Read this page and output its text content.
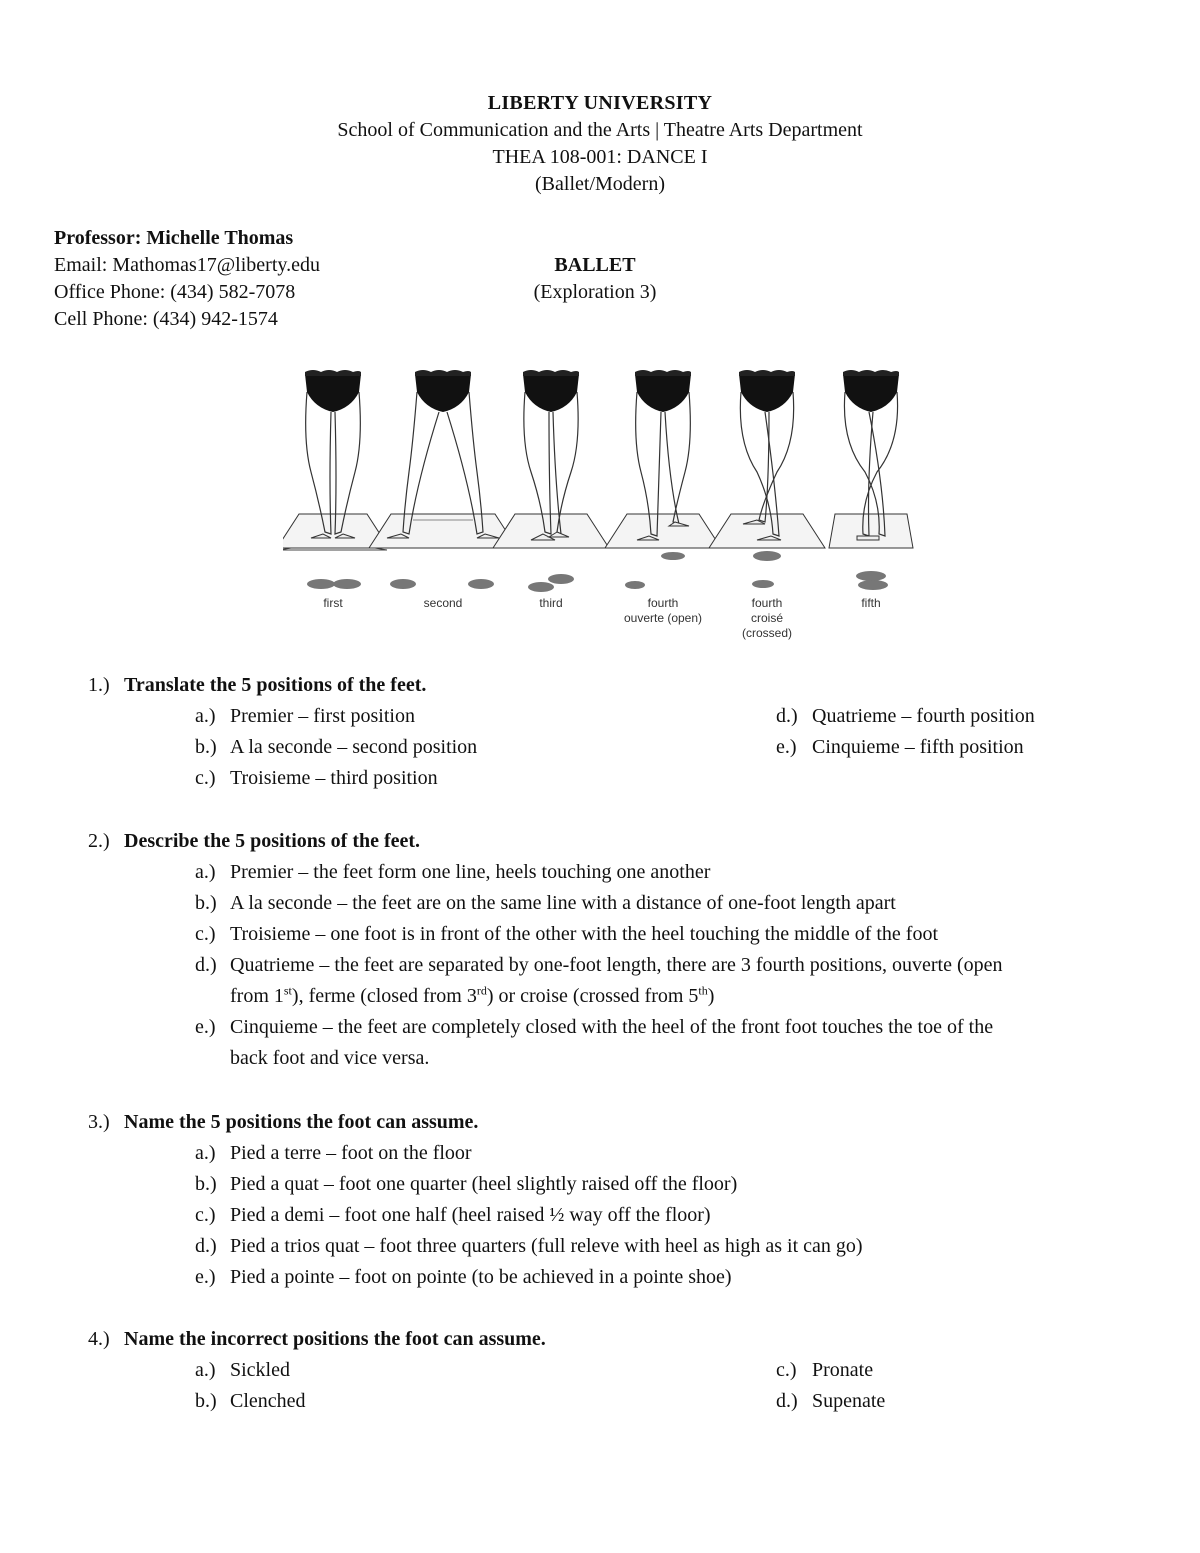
LIBERTY UNIVERSITY
School of Communication and the Arts | Theatre Arts Department
THEA 108-001: DANCE I
(Ballet/Modern)
Professor: Michelle Thomas
Email: Mathomas17@liberty.edu
Office Phone: (434) 582-7078
Cell Phone: (434) 942-1574
BALLET
(Exploration 3)
first	second	third	fourth
ouverte (open)
fourth
croisé
(crossed)
fifth
1.) Translate the 5 positions of the feet.
a.) Premier – first position
b.) A la seconde – second position
c.) Troisieme – third position
d.) Quatrieme – fourth position
e.) Cinquieme – fifth position
2.) Describe the 5 positions of the feet.
a.) Premier – the feet form one line, heels touching one another
b.) A la seconde – the feet are on the same line with a distance of one-foot length apart
c.) Troisieme – one foot is in front of the other with the heel touching the middle of the foot
d.) Quatrieme – the feet are separated by one-foot length, there are 3 fourth positions, ouverte (open
from 1st), ferme (closed from 3rd) or croise (crossed from 5th)
e.) Cinquieme – the feet are completely closed with the heel of the front foot touches the toe of the
back foot and vice versa.
3.) Name the 5 positions the foot can assume.
a.) Pied a terre – foot on the floor
b.) Pied a quat – foot one quarter (heel slightly raised off the floor)
c.) Pied a demi – foot one half (heel raised ½ way off the floor)
d.) Pied a trios quat – foot three quarters (full releve with heel as high as it can go)
e.) Pied a pointe – foot on pointe (to be achieved in a pointe shoe)
4.) Name the incorrect positions the foot can assume.
a.) Sickled
b.) Clenched
c.) Pronate
d.) Supenate
